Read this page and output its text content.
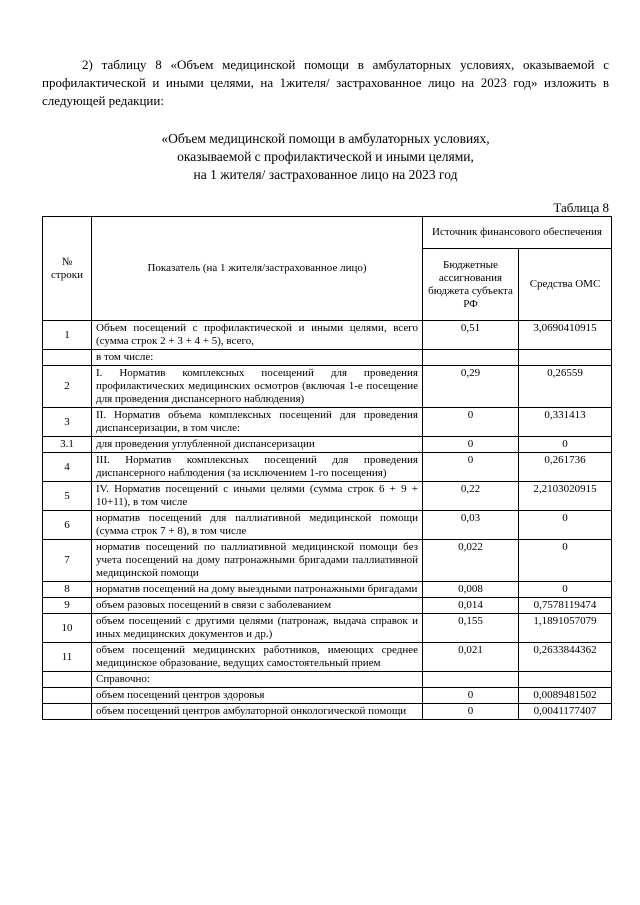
2) таблицу 8 «Объем медицинской помощи в амбулаторных условиях, оказываемой с профилактической и иными целями, на 1жителя/ застрахованное лицо на 2023 год» изложить в следующей редакции:
«Объем медицинской помощи в амбулаторных условиях,
оказываемой с профилактической и иными целями,
на 1 жителя/ застрахованное лицо на 2023 год
Таблица 8
№ строки	Показатель (на 1 жителя/застрахованное лицо)	Источник финансового обеспечения	
		Бюджетные ассигнования бюджета субъекта РФ	Средства ОМС
1	Объем посещений с профилактической и иными целями, всего (сумма строк 2 + 3 + 4 + 5), всего,	0,51	3,0690410915
	в том числе:		
2	I. Норматив комплексных посещений для проведения профилактических медицинских осмотров (включая 1-е посещение для проведения диспансерного наблюдения)	0,29	0,26559
3	II. Норматив объема комплексных посещений для проведения диспансеризации, в том числе:	0	0,331413
3.1	для проведения углубленной диспансеризации	0	0
4	III. Норматив комплексных посещений для проведения диспансерного наблюдения (за исключением 1-го посещения)	0	0,261736
5	IV. Норматив посещений с иными целями (сумма строк 6 + 9 + 10+11), в том числе	0,22	2,2103020915
6	норматив посещений для паллиативной медицинской помощи (сумма строк 7 + 8), в том числе	0,03	0
7	норматив посещений по паллиативной медицинской помощи без учета посещений на дому патронажными бригадами паллиативной медицинской помощи	0,022	0
8	норматив посещений на дому выездными патронажными бригадами	0,008	0
9	объем разовых посещений в связи с заболеванием	0,014	0,7578119474
10	объем посещений с другими целями (патронаж, выдача справок и иных медицинских документов и др.)	0,155	1,1891057079
11	объем посещений медицинских работников, имеющих среднее медицинское образование, ведущих самостоятельный прием	0,021	0,2633844362
	Справочно:		
	объем посещений центров здоровья	0	0,0089481502
	объем посещений центров амбулаторной онкологической помощи	0	0,0041177407
